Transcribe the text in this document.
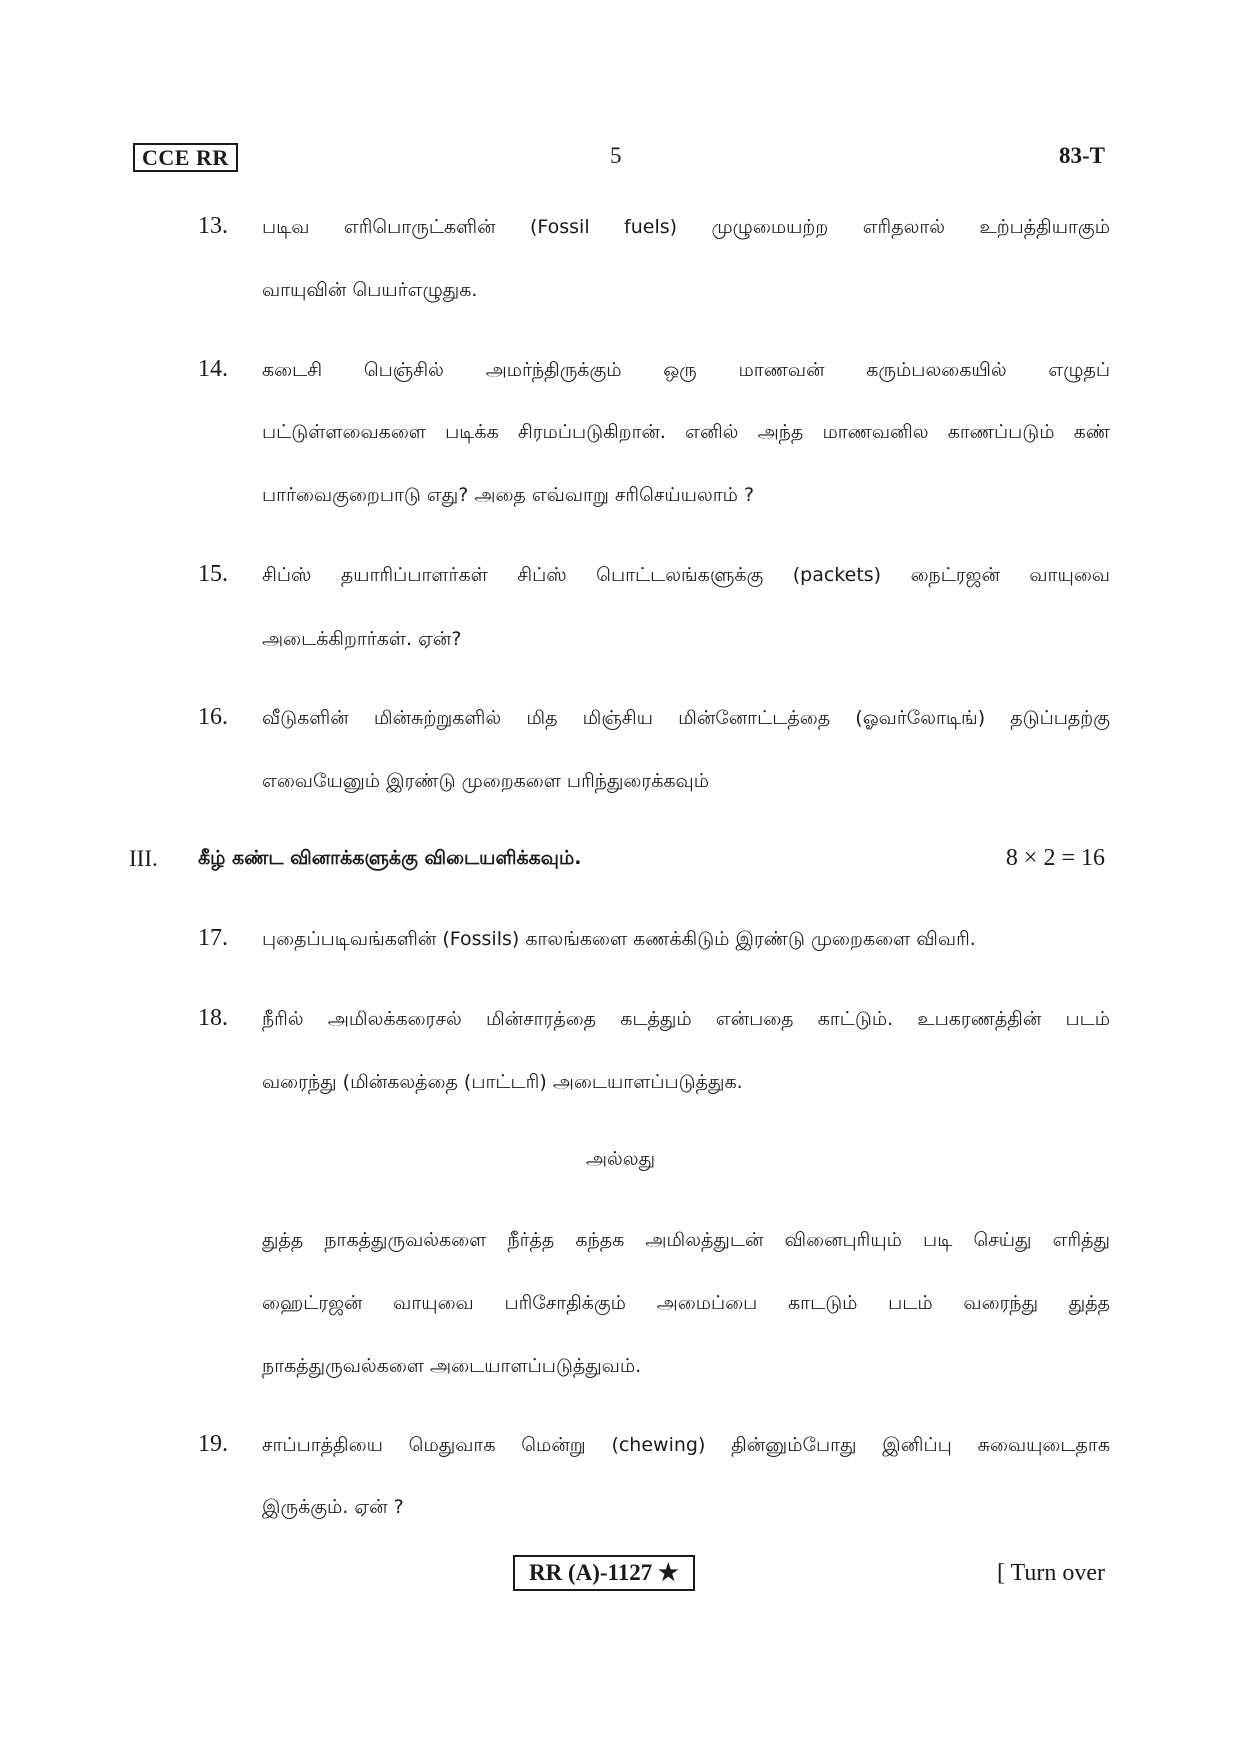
CCE RR	5	83-T
13.	படிவ எரிபொருட்களின் (Fossil fuels) முழுமையற்ற எரிதலால் உற்பத்தியாகும்
வாயுவின் பெயர்எழுதுக.
14.	கடைசி பெஞ்சில் அமர்ந்திருக்கும் ஒரு மாணவன் கரும்பலகையில் எழுதப்
பட்டுள்ளவைகளை படிக்க சிரமப்படுகிறான். எனில் அந்த மாணவனில காணப்படும் கண்
பார்வைகுறைபாடு எது? அதை எவ்வாறு சரிசெய்யலாம் ?
15.	சிப்ஸ் தயாரிப்பாளர்கள் சிப்ஸ் பொட்டலங்களுக்கு (packets) நைட்ரஜன் வாயுவை
அடைக்கிறார்கள். ஏன்?
16.	வீடுகளின் மின்சுற்றுகளில் மித மிஞ்சிய மின்னோட்டத்தை (ஓவர்லோடிங்) தடுப்பதற்கு
எவையேனும் இரண்டு முறைகளை பரிந்துரைக்கவும்
III. கீழ் கண்ட வினாக்களுக்கு விடையளிக்கவும்.	8 × 2 = 16
17.	புதைப்படிவங்களின் (Fossils) காலங்களை கணக்கிடும் இரண்டு முறைகளை விவரி.
18.	நீரில் அமிலக்கரைசல் மின்சாரத்தை கடத்தும் என்பதை காட்டும். உபகரணத்தின் படம்
வரைந்து (மின்கலத்தை (பாட்டரி) அடையாளப்படுத்துக.
அல்லது
துத்த நாகத்துருவல்களை நீர்த்த கந்தக அமிலத்துடன் வினைபுரியும் படி செய்து எரித்து
ஹைட்ரஜன் வாயுவை பரிசோதிக்கும் அமைப்பை காடடும் படம் வரைந்து துத்த
நாகத்துருவல்களை அடையாளப்படுத்துவம்.
19.	சாப்பாத்தியை மெதுவாக மென்று (chewing) தின்னும்போது இனிப்பு சுவையுடைதாக
இருக்கும். ஏன் ?
RR (A)-1127 ★	[ Turn over
